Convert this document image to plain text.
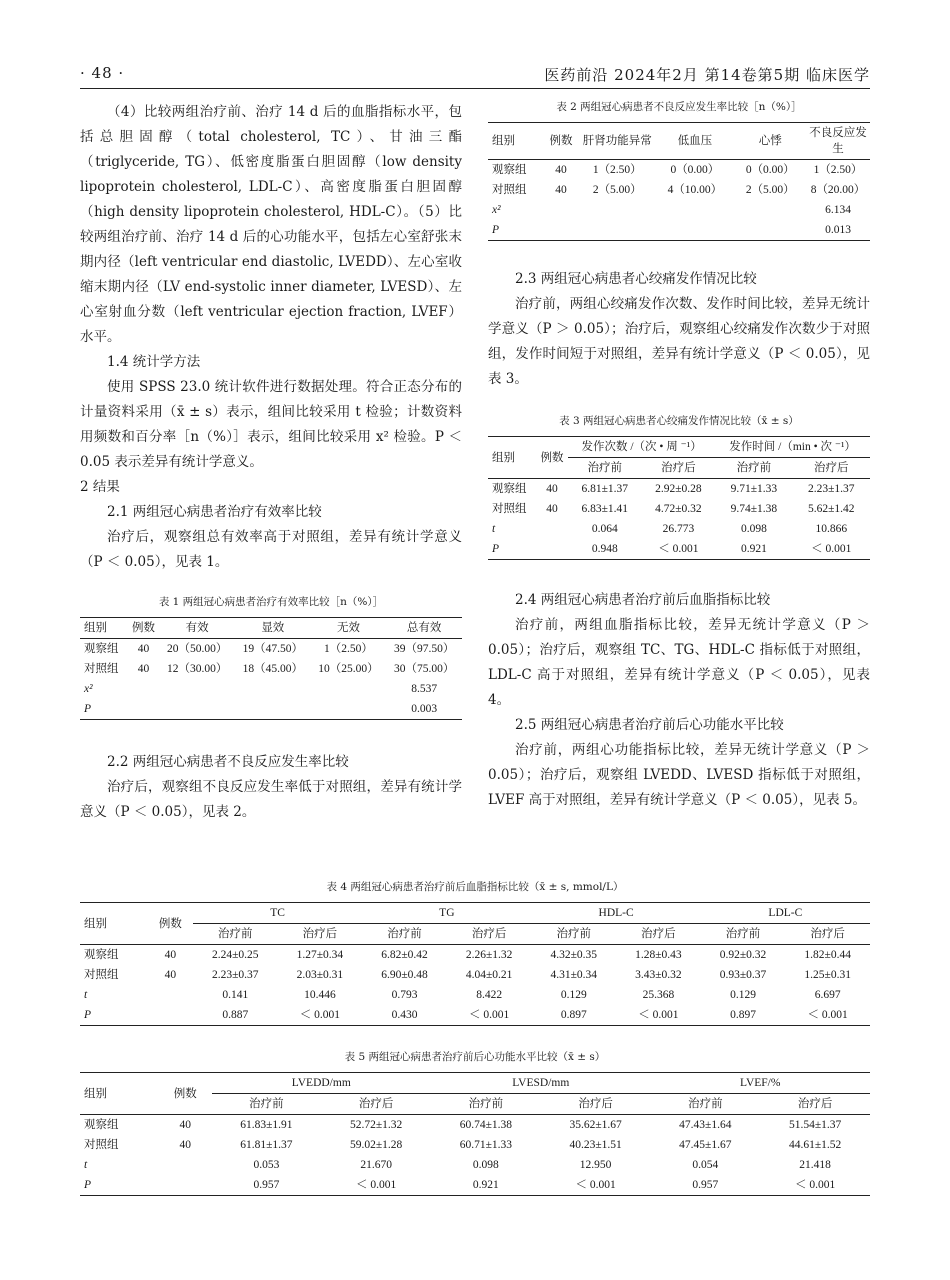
· 48 ·	医药前沿 2024年2月 第14卷第5期 临床医学

（4）比较两组治疗前、治疗 14 d 后的血脂指标水平，包括总胆固醇（total cholesterol, TC）、甘油三酯（triglyceride, TG）、低密度脂蛋白胆固醇（low density lipoprotein cholesterol, LDL-C）、高密度脂蛋白胆固醇（high density lipoprotein cholesterol, HDL-C）。（5）比较两组治疗前、治疗 14 d 后的心功能水平，包括左心室舒张末期内径（left ventricular end diastolic, LVEDD）、左心室收缩末期内径（LV end-systolic inner diameter, LVESD）、左心室射血分数（left ventricular ejection fraction, LVEF）水平。

1.4 统计学方法

使用 SPSS 23.0 统计软件进行数据处理。符合正态分布的计量资料采用（x̄ ± s）表示，组间比较采用 t 检验；计数资料用频数和百分率［n（%）］表示，组间比较采用 x² 检验。P ＜ 0.05 表示差异有统计学意义。

2 结果
2.1 两组冠心病患者治疗有效率比较

治疗后，观察组总有效率高于对照组，差异有统计学意义（P ＜ 0.05），见表 1。

表 1 两组冠心病患者治疗有效率比较［n（%）］
组别	例数	有效	显效	无效	总有效
观察组	40	20（50.00）	19（47.50）	1（2.50）	39（97.50）
对照组	40	12（30.00）	18（45.00）	10（25.00）	30（75.00）
x²					8.537
P					0.003
2.2 两组冠心病患者不良反应发生率比较

治疗后，观察组不良反应发生率低于对照组，差异有统计学意义（P ＜ 0.05），见表 2。

表 2 两组冠心病患者不良反应发生率比较［n（%）］
组别	例数	肝肾功能异常	低血压	心悸	不良反应发生
观察组	40	1（2.50）	0（0.00）	0（0.00）	1（2.50）
对照组	40	2（5.00）	4（10.00）	2（5.00）	8（20.00）
x²					6.134
P					0.013
2.3 两组冠心病患者心绞痛发作情况比较

治疗前，两组心绞痛发作次数、发作时间比较，差异无统计学意义（P ＞ 0.05）；治疗后，观察组心绞痛发作次数少于对照组，发作时间短于对照组，差异有统计学意义（P ＜ 0.05），见表 3。

表 3 两组冠心病患者心绞痛发作情况比较（x̄ ± s）
组别	例数	发作次数 /（次 • 周 ⁻¹）		发作时间 /（min • 次 ⁻¹）	
		治疗前	治疗后	治疗前	治疗后
观察组	40	6.81±1.37	2.92±0.28	9.71±1.33	2.23±1.37
对照组	40	6.83±1.41	4.72±0.32	9.74±1.38	5.62±1.42
t		0.064	26.773	0.098	10.866
P		0.948	＜ 0.001	0.921	＜ 0.001
2.4 两组冠心病患者治疗前后血脂指标比较

治疗前，两组血脂指标比较，差异无统计学意义（P ＞ 0.05）；治疗后，观察组 TC、TG、HDL-C 指标低于对照组，LDL-C 高于对照组，差异有统计学意义（P ＜ 0.05），见表 4。

2.5 两组冠心病患者治疗前后心功能水平比较

治疗前，两组心功能指标比较，差异无统计学意义（P ＞ 0.05）；治疗后，观察组 LVEDD、LVESD 指标低于对照组，LVEF 高于对照组，差异有统计学意义（P ＜ 0.05），见表 5。

表 4 两组冠心病患者治疗前后血脂指标比较（x̄ ± s, mmol/L）
组别	例数	TC		TG		HDL-C		LDL-C	
		治疗前	治疗后	治疗前	治疗后	治疗前	治疗后	治疗前	治疗后
观察组	40	2.24±0.25	1.27±0.34	6.82±0.42	2.26±1.32	4.32±0.35	1.28±0.43	0.92±0.32	1.82±0.44
对照组	40	2.23±0.37	2.03±0.31	6.90±0.48	4.04±0.21	4.31±0.34	3.43±0.32	0.93±0.37	1.25±0.31
t		0.141	10.446	0.793	8.422	0.129	25.368	0.129	6.697
P		0.887	＜ 0.001	0.430	＜ 0.001	0.897	＜ 0.001	0.897	＜ 0.001
表 5 两组冠心病患者治疗前后心功能水平比较（x̄ ± s）
组别	例数	LVEDD/mm		LVESD/mm		LVEF/%	
		治疗前	治疗后	治疗前	治疗后	治疗前	治疗后
观察组	40	61.83±1.91	52.72±1.32	60.74±1.38	35.62±1.67	47.43±1.64	51.54±1.37
对照组	40	61.81±1.37	59.02±1.28	60.71±1.33	40.23±1.51	47.45±1.67	44.61±1.52
t		0.053	21.670	0.098	12.950	0.054	21.418
P		0.957	＜ 0.001	0.921	＜ 0.001	0.957	＜ 0.001
